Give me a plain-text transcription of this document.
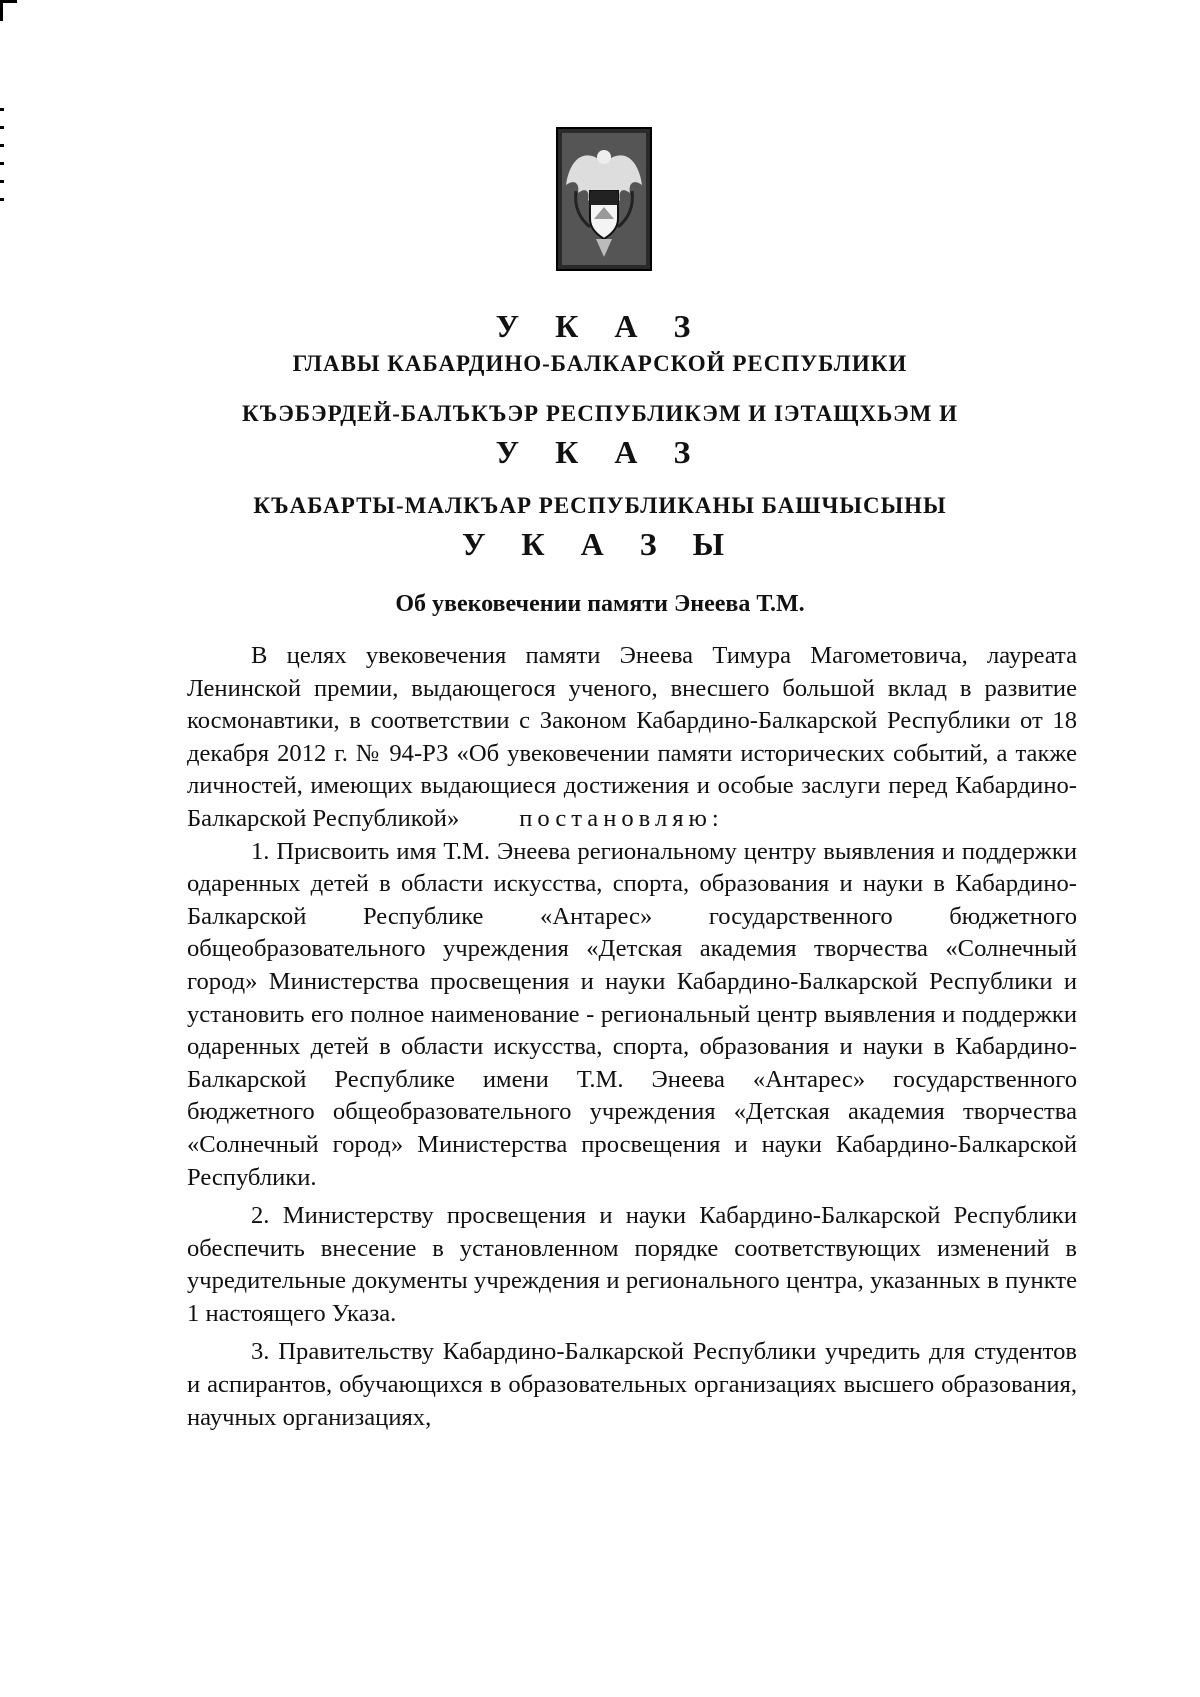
У К А З

ГЛАВЫ КАБАРДИНО-БАЛКАРСКОЙ РЕСПУБЛИКИ

КЪЭБЭРДЕЙ-БАЛЪКЪЭР РЕСПУБЛИКЭМ И IЭТАЩХЬЭМ И

У К А З

КЪАБАРТЫ-МАЛКЪАР РЕСПУБЛИКАНЫ БАШЧЫСЫНЫ

У К А З Ы

Об увековечении памяти Энеева Т.М.

В целях увековечения памяти Энеева Тимура Магометовича, лауреата Ленинской премии, выдающегося ученого, внесшего большой вклад в развитие космонавтики, в соответствии с Законом Кабардино-Балкарской Республики от 18 декабря 2012 г. № 94-РЗ «Об увековечении памяти исторических событий, а также личностей, имеющих выдающиеся достижения и особые заслуги перед Кабардино-Балкарской Республикой» постановляю:

1. Присвоить имя Т.М. Энеева региональному центру выявления и поддержки одаренных детей в области искусства, спорта, образования и науки в Кабардино-Балкарской Республике «Антарес» государственного бюджетного общеобразовательного учреждения «Детская академия творчества «Солнечный город» Министерства просвещения и науки Кабардино-Балкарской Республики и установить его полное наименование - региональный центр выявления и поддержки одаренных детей в области искусства, спорта, образования и науки в Кабардино-Балкарской Республике имени Т.М. Энеева «Антарес» государственного бюджетного общеобразовательного учреждения «Детская академия творчества «Солнечный город» Министерства просвещения и науки Кабардино-Балкарской Республики.

2. Министерству просвещения и науки Кабардино-Балкарской Республики обеспечить внесение в установленном порядке соответствующих изменений в учредительные документы учреждения и регионального центра, указанных в пункте 1 настоящего Указа.

3. Правительству Кабардино-Балкарской Республики учредить для студентов и аспирантов, обучающихся в образовательных организациях высшего образования, научных организациях,
